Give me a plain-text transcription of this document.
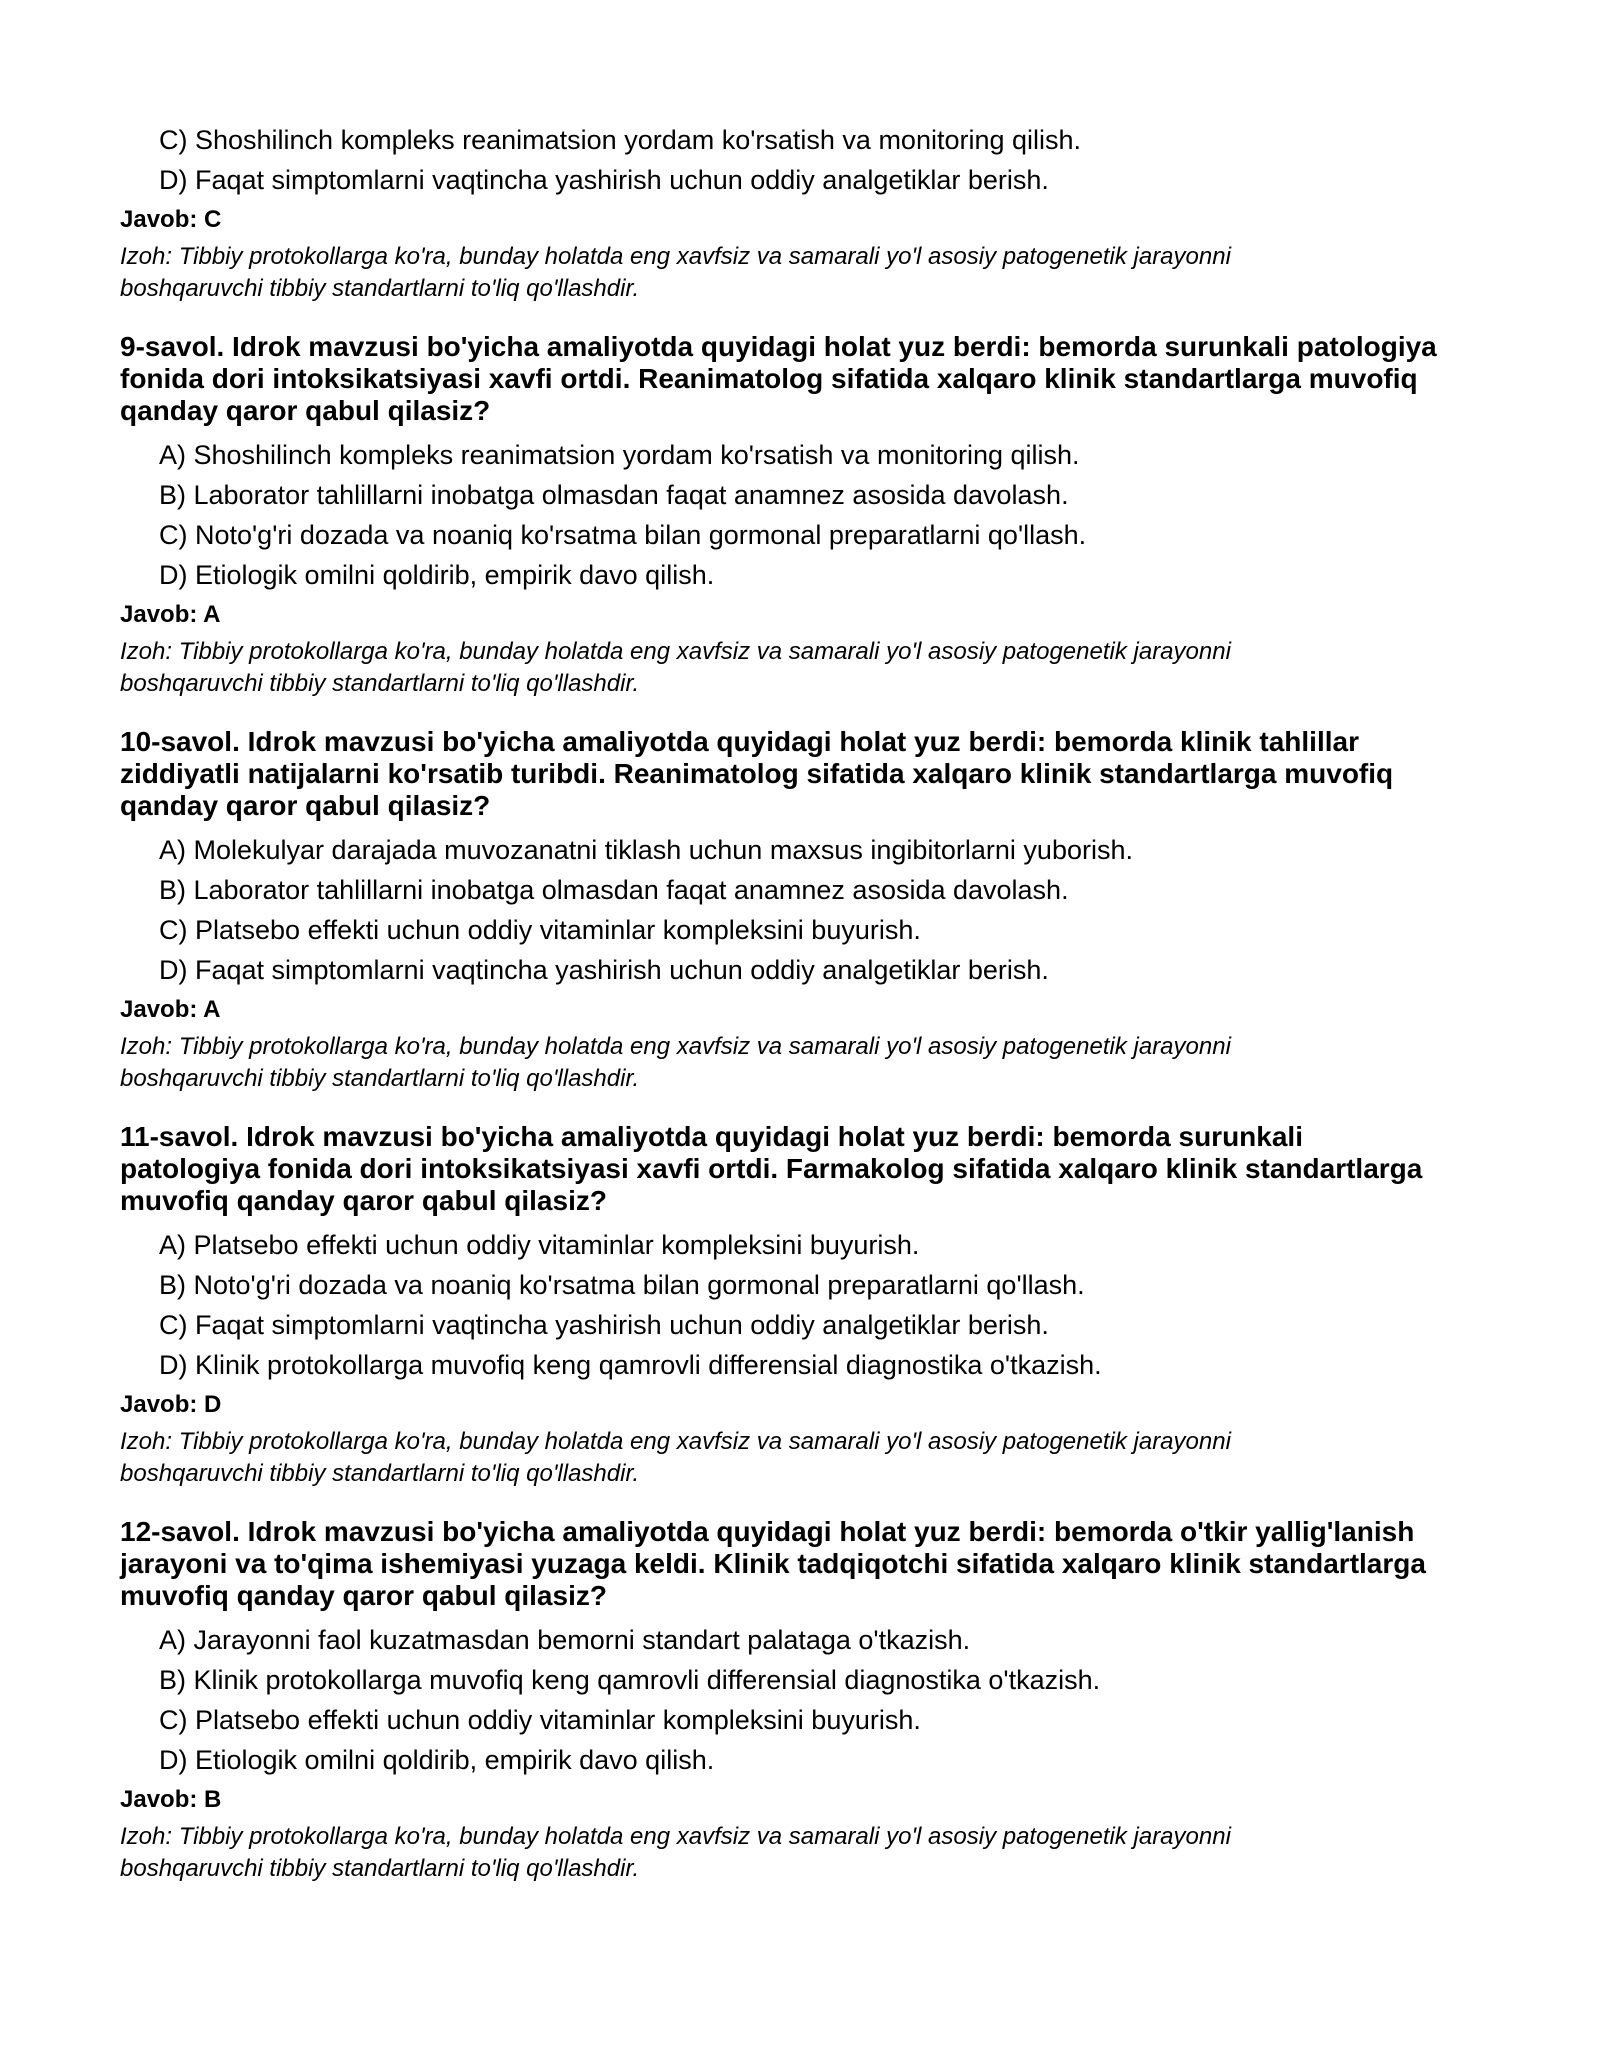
C) Shoshilinch kompleks reanimatsion yordam ko'rsatish va monitoring qilish.
D) Faqat simptomlarni vaqtincha yashirish uchun oddiy analgetiklar berish.
Javob: C
Izoh: Tibbiy protokollarga ko'ra, bunday holatda eng xavfsiz va samarali yo'l asosiy patogenetik jarayonni
boshqaruvchi tibbiy standartlarni to'liq qo'llashdir.
9-savol. Idrok mavzusi bo'yicha amaliyotda quyidagi holat yuz berdi: bemorda surunkali patologiya
fonida dori intoksikatsiyasi xavfi ortdi. Reanimatolog sifatida xalqaro klinik standartlarga muvofiq
qanday qaror qabul qilasiz?
A) Shoshilinch kompleks reanimatsion yordam ko'rsatish va monitoring qilish.
B) Laborator tahlillarni inobatga olmasdan faqat anamnez asosida davolash.
C) Noto'g'ri dozada va noaniq ko'rsatma bilan gormonal preparatlarni qo'llash.
D) Etiologik omilni qoldirib, empirik davo qilish.
Javob: A
Izoh: Tibbiy protokollarga ko'ra, bunday holatda eng xavfsiz va samarali yo'l asosiy patogenetik jarayonni
boshqaruvchi tibbiy standartlarni to'liq qo'llashdir.
10-savol. Idrok mavzusi bo'yicha amaliyotda quyidagi holat yuz berdi: bemorda klinik tahlillar
ziddiyatli natijalarni ko'rsatib turibdi. Reanimatolog sifatida xalqaro klinik standartlarga muvofiq
qanday qaror qabul qilasiz?
A) Molekulyar darajada muvozanatni tiklash uchun maxsus ingibitorlarni yuborish.
B) Laborator tahlillarni inobatga olmasdan faqat anamnez asosida davolash.
C) Platsebo effekti uchun oddiy vitaminlar kompleksini buyurish.
D) Faqat simptomlarni vaqtincha yashirish uchun oddiy analgetiklar berish.
Javob: A
Izoh: Tibbiy protokollarga ko'ra, bunday holatda eng xavfsiz va samarali yo'l asosiy patogenetik jarayonni
boshqaruvchi tibbiy standartlarni to'liq qo'llashdir.
11-savol. Idrok mavzusi bo'yicha amaliyotda quyidagi holat yuz berdi: bemorda surunkali
patologiya fonida dori intoksikatsiyasi xavfi ortdi. Farmakolog sifatida xalqaro klinik standartlarga
muvofiq qanday qaror qabul qilasiz?
A) Platsebo effekti uchun oddiy vitaminlar kompleksini buyurish.
B) Noto'g'ri dozada va noaniq ko'rsatma bilan gormonal preparatlarni qo'llash.
C) Faqat simptomlarni vaqtincha yashirish uchun oddiy analgetiklar berish.
D) Klinik protokollarga muvofiq keng qamrovli differensial diagnostika o'tkazish.
Javob: D
Izoh: Tibbiy protokollarga ko'ra, bunday holatda eng xavfsiz va samarali yo'l asosiy patogenetik jarayonni
boshqaruvchi tibbiy standartlarni to'liq qo'llashdir.
12-savol. Idrok mavzusi bo'yicha amaliyotda quyidagi holat yuz berdi: bemorda o'tkir yallig'lanish
jarayoni va to'qima ishemiyasi yuzaga keldi. Klinik tadqiqotchi sifatida xalqaro klinik standartlarga
muvofiq qanday qaror qabul qilasiz?
A) Jarayonni faol kuzatmasdan bemorni standart palataga o'tkazish.
B) Klinik protokollarga muvofiq keng qamrovli differensial diagnostika o'tkazish.
C) Platsebo effekti uchun oddiy vitaminlar kompleksini buyurish.
D) Etiologik omilni qoldirib, empirik davo qilish.
Javob: B
Izoh: Tibbiy protokollarga ko'ra, bunday holatda eng xavfsiz va samarali yo'l asosiy patogenetik jarayonni
boshqaruvchi tibbiy standartlarni to'liq qo'llashdir.
